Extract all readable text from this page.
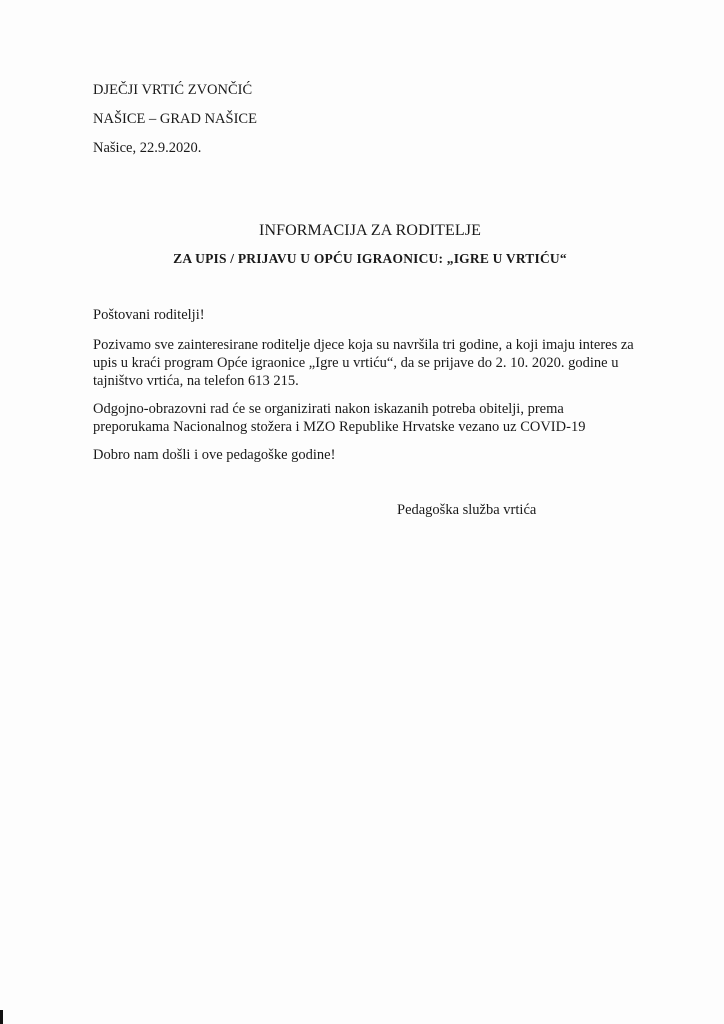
DJEČJI VRTIĆ ZVONČIĆ

NAŠICE – GRAD NAŠICE

Našice, 22.9.2020.

INFORMACIJA ZA RODITELJE
ZA UPIS / PRIJAVU U OPĆU IGRAONICU: „IGRE U VRTIĆU“

Poštovani roditelji!

Pozivamo sve zainteresirane roditelje djece koja su navršila tri godine, a koji imaju interes za upis u kraći program Opće igraonice „Igre u vrtiću“, da se prijave do 2. 10. 2020. godine u tajništvo vrtića, na telefon 613 215.

Odgojno-obrazovni rad će se organizirati nakon iskazanih potreba obitelji, prema preporukama Nacionalnog stožera i MZO Republike Hrvatske vezano uz COVID-19

Dobro nam došli i ove pedagoške godine!

Pedagoška služba vrtića
